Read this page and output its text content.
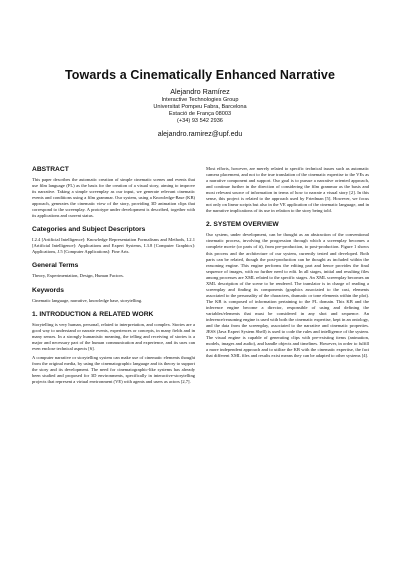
Towards a Cinematically Enhanced Narrative
Alejandro Ramírez
Interactive Technologies Group
Universitat Pompeu Fabra, Barcelona
Estació de França 08003
(+34) 93 542 2936
alejandro.ramirez@upf.edu
ABSTRACT

This paper describes the automatic creation of simple cinematic scenes and events that use film language (FL) as the basis for the creation of a visual story, aiming to improve its narrative. Taking a simple screenplay as our input, we generate relevant cinematic events and conditions using a film grammar. Our system, using a Knowledge-Base (KB) approach, generates the cinematic view of the story, providing 3D animation clips that correspond to the screenplay. A prototype under development is described, together with its applications and current status.

Categories and Subject Descriptors

I.2.4 [Artificial Intelligence]: Knowledge Representation Formalisms and Methods, I.2.1 [Artificial Intelligence]: Applications and Expert Systems, I.3.8 [Computer Graphics]: Applications, J.5 [Computer Applications]: Fine Arts.

General Terms

Theory, Experimentation, Design, Human Factors.

Keywords

Cinematic language, narrative, knowledge base, storytelling.

1. INTRODUCTION & RELATED WORK

Storytelling is very human, personal, related to interpretation, and complex. Stories are a good way to understand or narrate events, experiences or concepts, in many fields and in many senses. In a strongly humanistic meaning, the telling and receiving of stories is a major and necessary part of the human communication and experience, and its uses can even enclose technical aspects [6].

A computer narrative or storytelling system can make use of cinematic elements thought from the original media, by using the cinematographic language and its theory to support the story and its development. The need for cinematographic-like systems has already been studied and proposed for 3D environments, specifically in interactive-storytelling projects that represent a virtual environment (VE) with agents and users as actors [2,7].

Most efforts, however, are merely related to specific technical issues such as automatic camera placement, and not to the true translation of the cinematic expertise to the VEs as a narrative component and support. Our goal is to pursue a narrative oriented approach, and continue further in the direction of considering the film grammar as the basis and most relevant source of information in terms of how to narrate a visual story [2]. In this sense, this project is related to the approach used by Friedman [5]. However, we focus not only on linear scripts but also in the VE application of the cinematic language, and in the narrative implications of its use in relation to the story being told.

2. SYSTEM OVERVIEW

Our system, under development, can be thought as an abstraction of the conventional cinematic process, involving the progression through which a screenplay becomes a complete movie (or parts of it), from pre-production, to post-production. Figure 1 shows this process and the architecture of our system, currently tested and developed. Both parts can be related, though the post-production can be thought as included within the reasoning engine. This engine performs the editing part and hence provides the final sequence of images, with no further need to edit. In all stages, initial and resulting files among processes are XML related to the specific stages. An XML screenplay becomes an XML description of the scene to be rendered. The translator is in charge of reading a screenplay and finding its components (graphics associated to the cast, elements associated to the personality of the characters, dramatic or tone elements within the plot). The KB is composed of information pertaining to the FL domain. This KB and the inference engine become a director, responsible of using and defining the variables/elements that must be considered in any shot and sequence. An inference/reasoning engine is used with both the cinematic expertise, kept in an ontology, and the data from the screenplay, associated to the narrative and cinematic properties. JESS (Java Expert System Shell) is used to code the rules and intelligence of the system. The visual engine is capable of generating clips with pre-existing items (animation, models, images and audio), and handle objects and timelines. However, in order to fulfill a more independent approach and to utilize the KB with the cinematic expertise, the fact that different XML files and results exist means they can be adapted to other systems [4].
